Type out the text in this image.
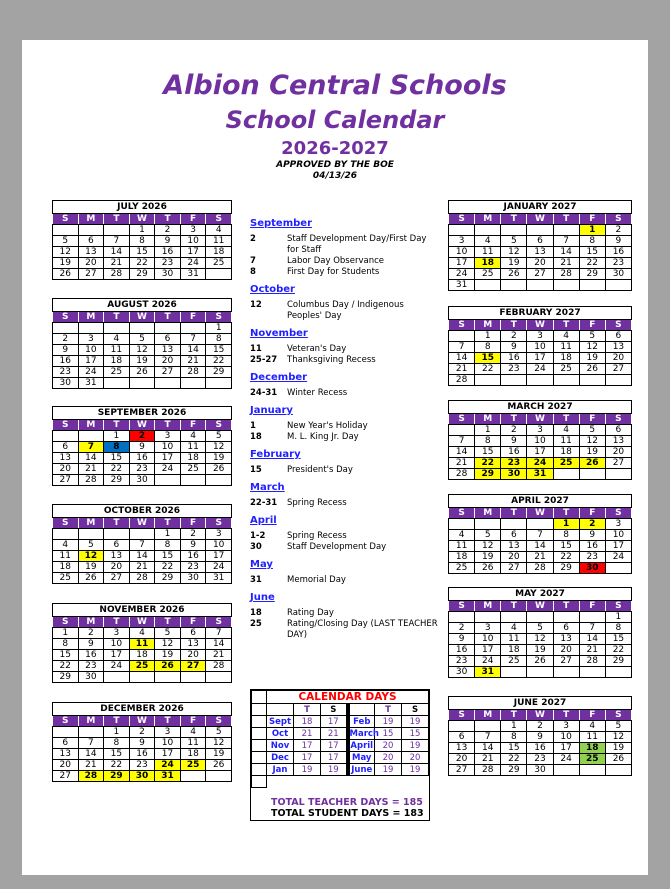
Albion Central Schools
School Calendar
2026-2027
APPROVED BY THE BOE
04/13/26
JULY 2026						
S	M	T	W	T	F	S
			1	2	3	4
5	6	7	8	9	10	11
12	13	14	15	16	17	18
19	20	21	22	23	24	25
26	27	28	29	30	31	
AUGUST 2026						
S	M	T	W	T	F	S
						1
2	3	4	5	6	7	8
9	10	11	12	13	14	15
16	17	18	19	20	21	22
23	24	25	26	27	28	29
30	31					
SEPTEMBER 2026						
S	M	T	W	T	F	S
		1	2	3	4	5
6	7	8	9	10	11	12
13	14	15	16	17	18	19
20	21	22	23	24	25	26
27	28	29	30			
OCTOBER 2026						
S	M	T	W	T	F	S
				1	2	3
4	5	6	7	8	9	10
11	12	13	14	15	16	17
18	19	20	21	22	23	24
25	26	27	28	29	30	31
NOVEMBER 2026						
S	M	T	W	T	F	S
1	2	3	4	5	6	7
8	9	10	11	12	13	14
15	16	17	18	19	20	21
22	23	24	25	26	27	28
29	30					
DECEMBER 2026						
S	M	T	W	T	F	S
		1	2	3	4	5
6	7	8	9	10	11	12
13	14	15	16	17	18	19
20	21	22	23	24	25	26
27	28	29	30	31		
JANUARY 2027						
S	M	T	W	T	F	S
					1	2
3	4	5	6	7	8	9
10	11	12	13	14	15	16
17	18	19	20	21	22	23
24	25	26	27	28	29	30
31						
FEBRUARY 2027						
S	M	T	W	T	F	S
	1	2	3	4	5	6
7	8	9	10	11	12	13
14	15	16	17	18	19	20
21	22	23	24	25	26	27
28						
MARCH 2027						
S	M	T	W	T	F	S
	1	2	3	4	5	6
7	8	9	10	11	12	13
14	15	16	17	18	19	20
21	22	23	24	25	26	27
28	29	30	31			
APRIL 2027						
S	M	T	W	T	F	S
				1	2	3
4	5	6	7	8	9	10
11	12	13	14	15	16	17
18	19	20	21	22	23	24
25	26	27	28	29	30	
MAY 2027						
S	M	T	W	T	F	S
						1
2	3	4	5	6	7	8
9	10	11	12	13	14	15
16	17	18	19	20	21	22
23	24	25	26	27	28	29
30	31					
JUNE 2027						
S	M	T	W	T	F	S
		1	2	3	4	5
6	7	8	9	10	11	12
13	14	15	16	17	18	19
20	21	22	23	24	25	26
27	28	29	30			
September
2	Staff Development Day/First Day for Staff
7	Labor Day Observance
8	First Day for Students
October
12	Columbus Day / Indigenous Peoples' Day
November
11	Veteran's Day
25-27	Thanksgiving Recess
December
24-31	Winter Recess
January
1	New Year's Holiday
18	M. L. King Jr. Day
February
15	President's Day
March
22-31	Spring Recess
April
1-2	Spring Recess
30	Staff Development Day
May
31	Memorial Day
June
18	Rating Day
25	Rating/Closing Day (LAST TEACHER DAY)
	CALENDAR DAYS					
		T	S		T	S
	Sept	18	17	Feb	19	19
	Oct	21	21	March	15	15
	Nov	17	17	April	20	19
	Dec	17	17	May	20	20
	Jan	19	19	June	19	19

TOTAL TEACHER DAYS = 185
TOTAL STUDENT DAYS = 183
